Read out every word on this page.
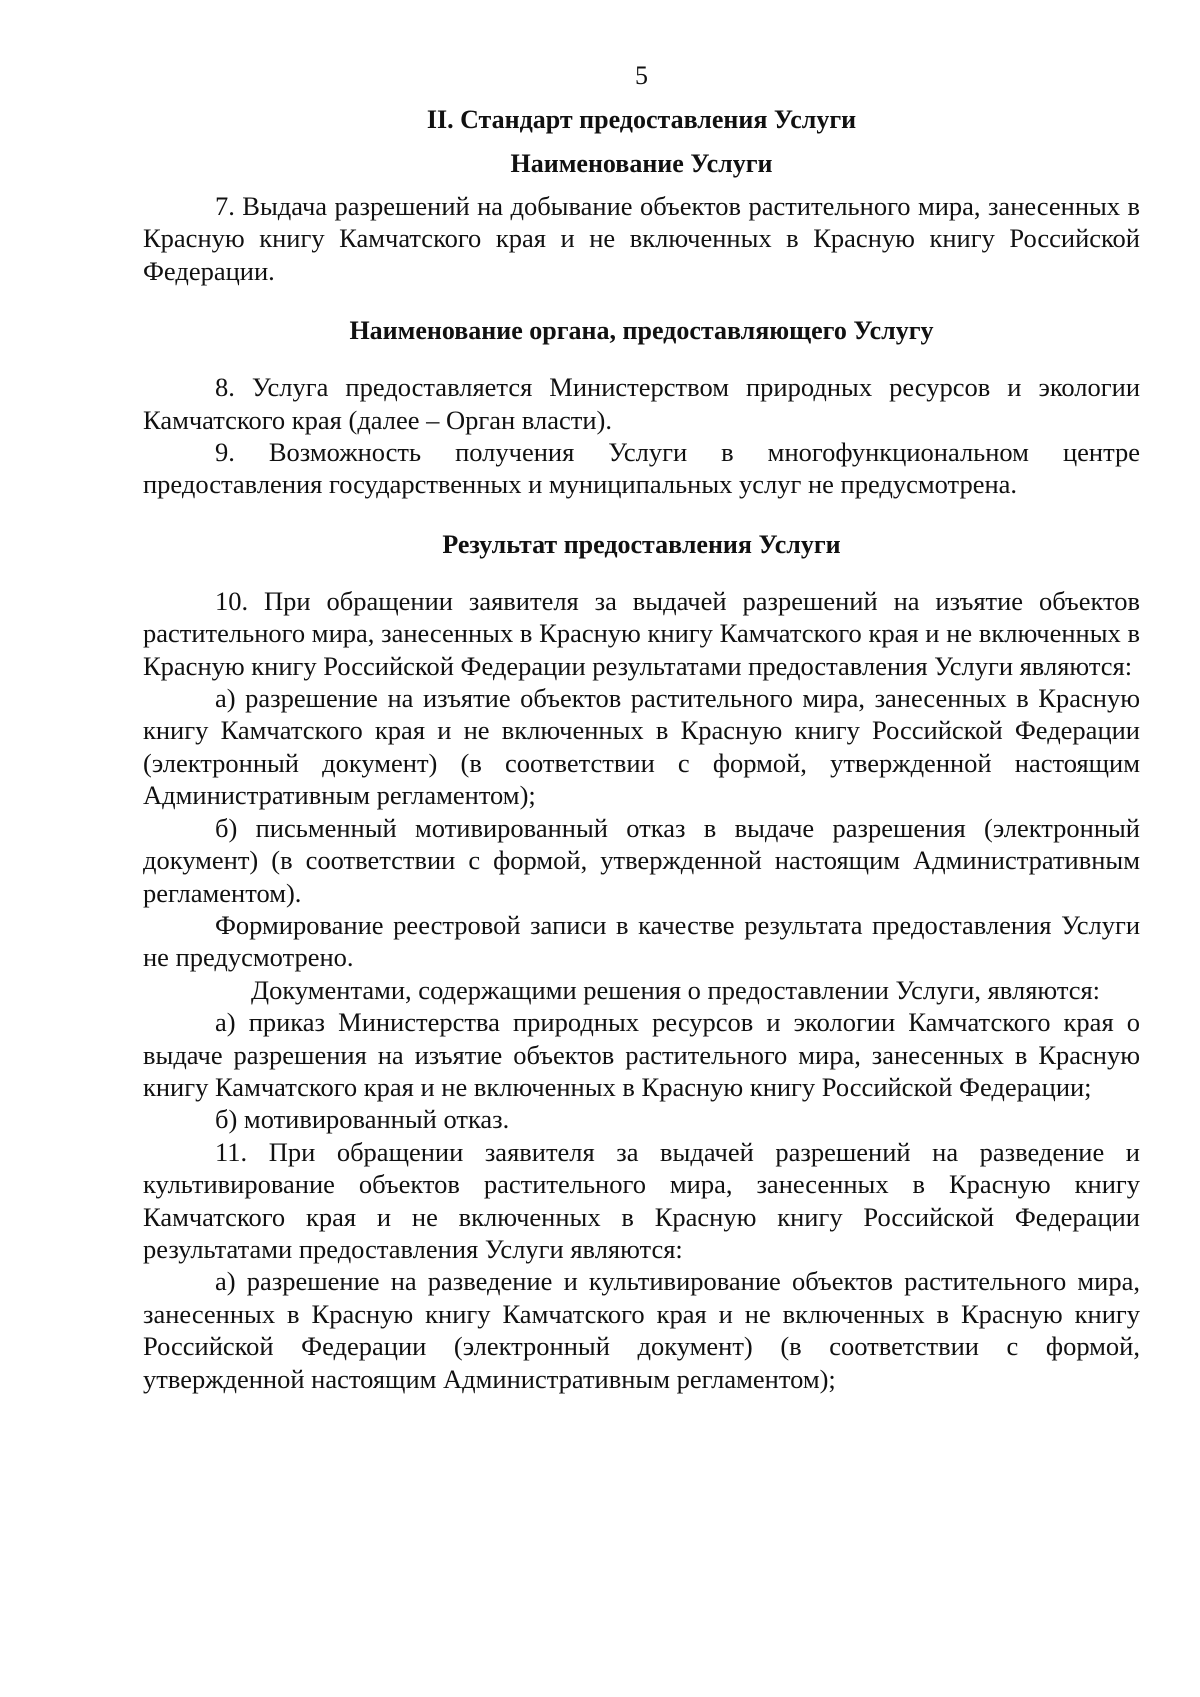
5
II. Стандарт предоставления Услуги
Наименование Услуги

7. Выдача разрешений на добывание объектов растительного мира, занесенных в Красную книгу Камчатского края и не включенных в Красную книгу Российской Федерации.

Наименование органа, предоставляющего Услугу

8. Услуга предоставляется Министерством природных ресурсов и экологии Камчатского края (далее – Орган власти).

9. Возможность получения Услуги в многофункциональном центре предоставления государственных и муниципальных услуг не предусмотрена.

Результат предоставления Услуги

10. При обращении заявителя за выдачей разрешений на изъятие объектов растительного мира, занесенных в Красную книгу Камчатского края и не включенных в Красную книгу Российской Федерации результатами предоставления Услуги являются:

а) разрешение на изъятие объектов растительного мира, занесенных в Красную книгу Камчатского края и не включенных в Красную книгу Российской Федерации (электронный документ) (в соответствии с формой, утвержденной настоящим Административным регламентом);

б) письменный мотивированный отказ в выдаче разрешения (электронный документ) (в соответствии с формой, утвержденной настоящим Административным регламентом).

Формирование реестровой записи в качестве результата предоставления Услуги не предусмотрено.

Документами, содержащими решения о предоставлении Услуги, являются:

а) приказ Министерства природных ресурсов и экологии Камчатского края о выдаче разрешения на изъятие объектов растительного мира, занесенных в Красную книгу Камчатского края и не включенных в Красную книгу Российской Федерации;

б) мотивированный отказ.

11. При обращении заявителя за выдачей разрешений на разведение и культивирование объектов растительного мира, занесенных в Красную книгу Камчатского края и не включенных в Красную книгу Российской Федерации результатами предоставления Услуги являются:

а) разрешение на разведение и культивирование объектов растительного мира, занесенных в Красную книгу Камчатского края и не включенных в Красную книгу Российской Федерации (электронный документ) (в соответствии с формой, утвержденной настоящим Административным регламентом);
